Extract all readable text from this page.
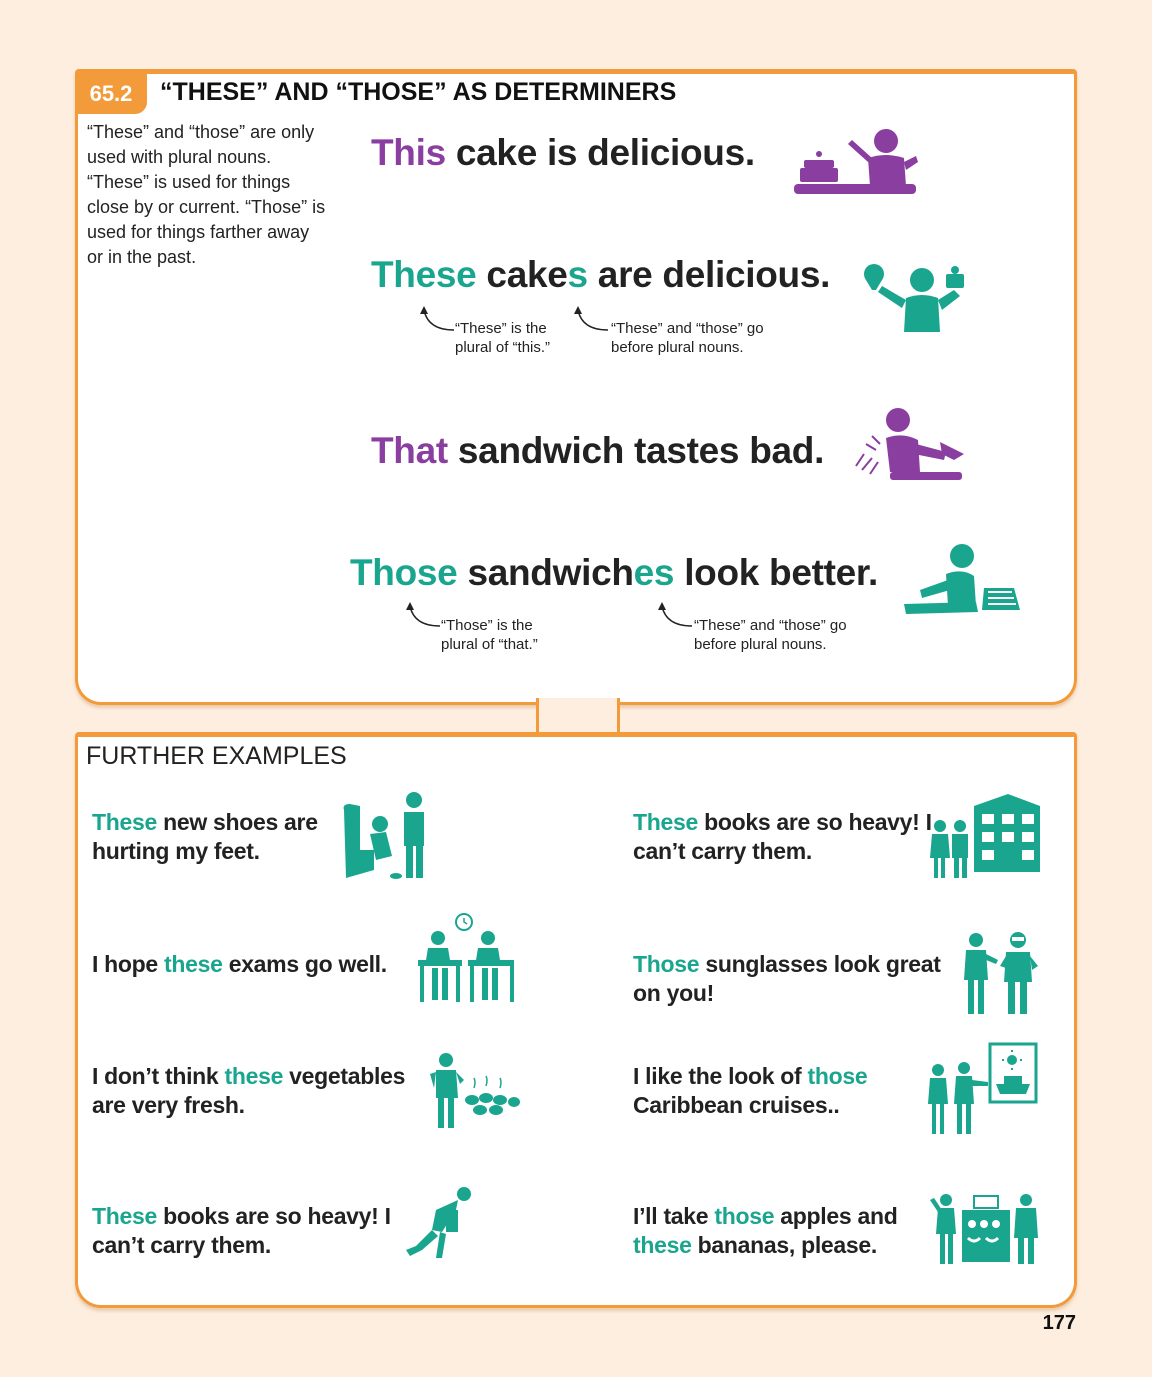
65.2	“THESE” AND “THOSE” AS DETERMINERS
“These” and “those” are only used with plural nouns. “These” is used for things close by or current. “Those” is used for things farther away or in the past.
This cake is delicious.
These cakes are delicious.
“These” is the plural of “this.”
“These” and “those” go before plural nouns.
That sandwich tastes bad.
Those sandwiches look better.
“Those” is the plural of “that.”
“These” and “those” go before plural nouns.
FURTHER EXAMPLES
These new shoes are hurting my feet.
I hope these exams go well.
I don’t think these vegetables are very fresh.
These books are so heavy! I can’t carry them.
These books are so heavy! I can’t carry them.
Those sunglasses look great on you!
I like the look of those Caribbean cruises..
I’ll take those apples and these bananas, please.
177
